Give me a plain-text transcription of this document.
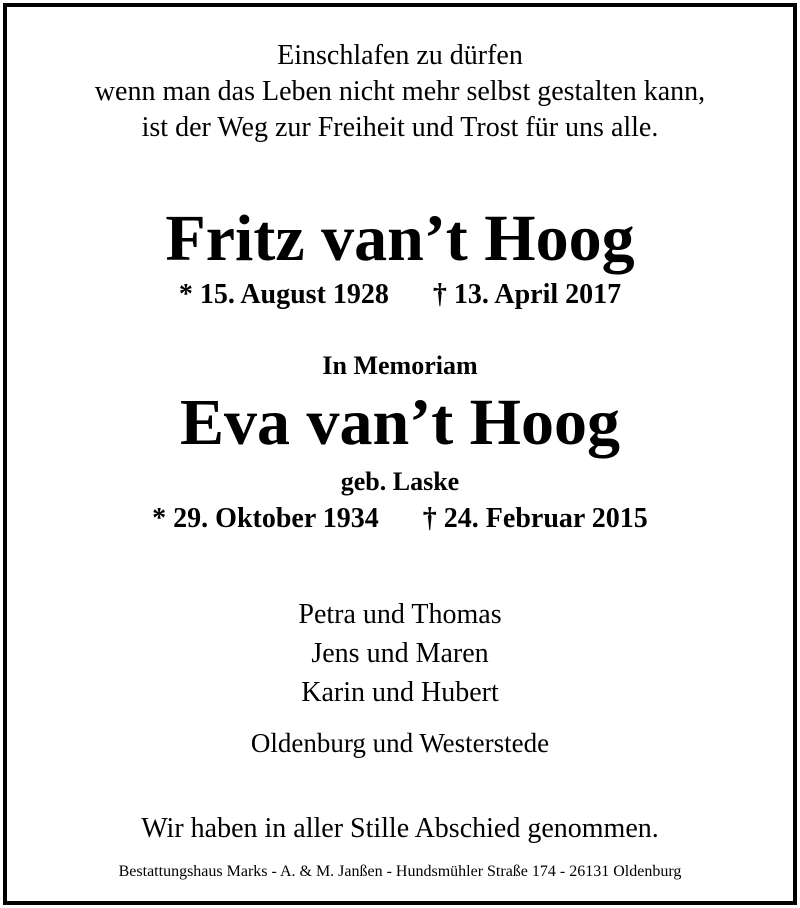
Einschlafen zu dürfen
wenn man das Leben nicht mehr selbst gestalten kann,
ist der Weg zur Freiheit und Trost für uns alle.
Fritz van’t Hoog
* 15. August 1928 † 13. April 2017
In Memoriam
Eva van’t Hoog
geb. Laske
* 29. Oktober 1934 † 24. Februar 2015
Petra und Thomas
Jens und Maren
Karin und Hubert
Oldenburg und Westerstede
Wir haben in aller Stille Abschied genommen.
Bestattungshaus Marks - A. & M. Janßen - Hundsmühler Straße 174 - 26131 Oldenburg
